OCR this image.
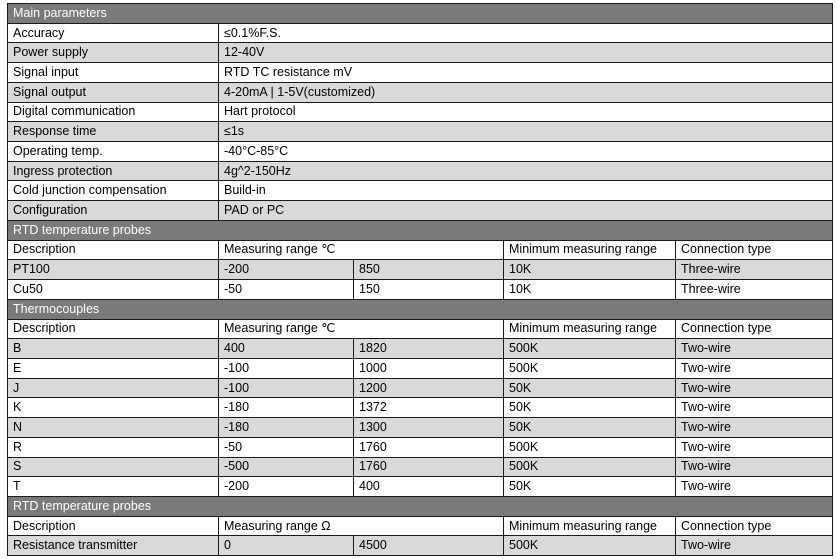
Main parameters				
Accuracy	≤0.1%F.S.			
Power supply	12-40V			
Signal input	RTD TC resistance mV			
Signal output	4-20mA | 1-5V(customized)			
Digital communication	Hart protocol			
Response time	≤1s			
Operating temp.	-40°C-85°C			
Ingress protection	4g^2-150Hz			
Cold junction compensation	Build-in			
Configuration	PAD or PC			
RTD temperature probes				
Description	Measuring range ℃		Minimum measuring range	Connection type
PT100	-200	850	10K	Three-wire
Cu50	-50	150	10K	Three-wire
Thermocouples				
Description	Measuring range ℃		Minimum measuring range	Connection type
B	400	1820	500K	Two-wire
E	-100	1000	500K	Two-wire
J	-100	1200	50K	Two-wire
K	-180	1372	50K	Two-wire
N	-180	1300	50K	Two-wire
R	-50	1760	500K	Two-wire
S	-500	1760	500K	Two-wire
T	-200	400	50K	Two-wire
RTD temperature probes				
Description	Measuring range Ω		Minimum measuring range	Connection type
Resistance transmitter	0	4500	500K	Two-wire
